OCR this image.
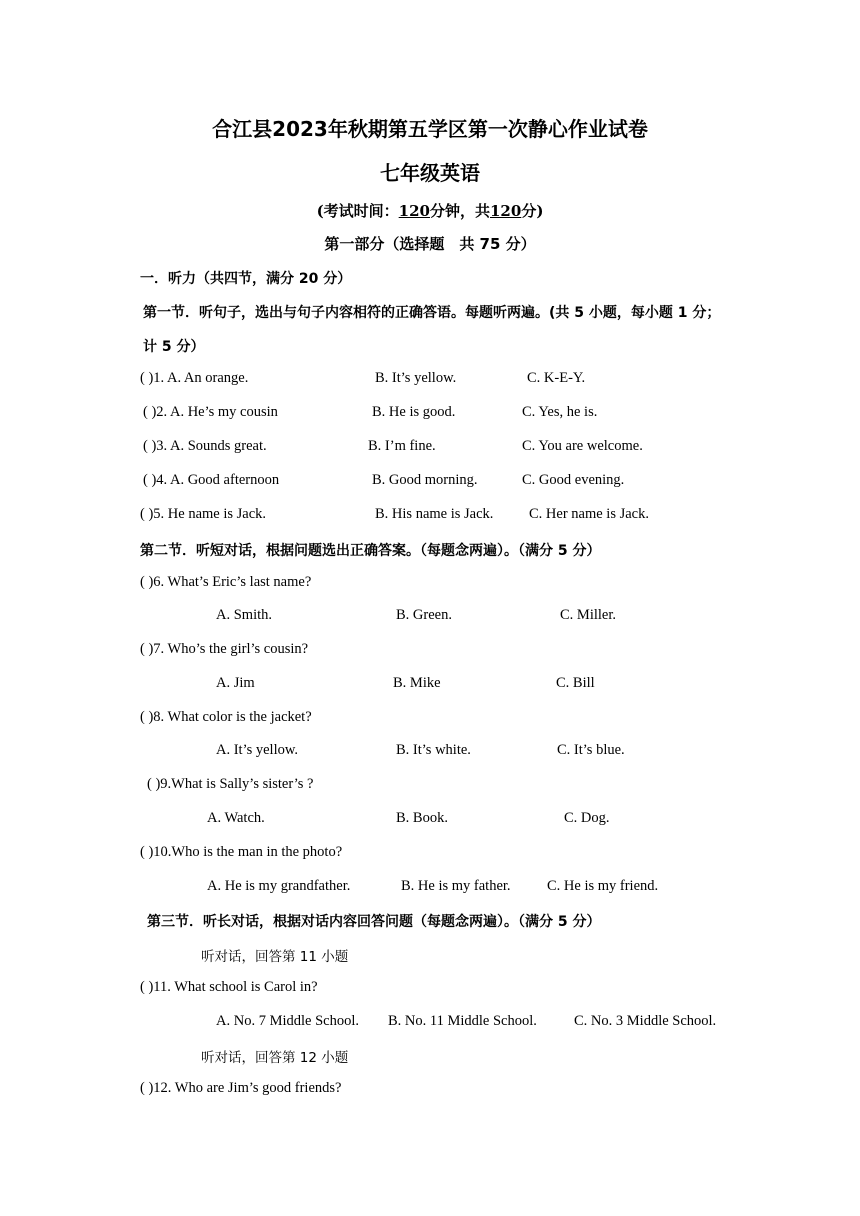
合江县2023年秋期第五学区第一次静心作业试卷
七年级英语
(考试时间：120分钟，共120分)
第一部分（选择题　共 75 分）
一．听力（共四节，满分 20 分）
第一节．听句子，选出与句子内容相符的正确答语。每题听两遍。(共 5 小题，每小题 1 分；
计 5 分）
( )1. A. An orange.	B. It’s yellow.	C. K-E-Y.
( )2. A. He’s my cousin	B. He is good.	C. Yes, he is.
( )3. A. Sounds great.	B. I’m fine.	C. You are welcome.
( )4. A. Good afternoon	B. Good morning.	C. Good evening.
( )5. He name is Jack.	B. His name is Jack. C. Her name is Jack.
第二节．听短对话，根据问题选出正确答案。（每题念两遍）。（满分 5 分）
( )6. What’s Eric’s last name?
A. Smith.	B. Green.	C. Miller.
( )7. Who’s the girl’s cousin?
A. Jim	B. Mike	C. Bill
( )8. What color is the jacket?
A. It’s yellow.	B. It’s white.	C. It’s blue.
( )9.What is Sally’s sister’s ?
A. Watch.	B. Book.	C. Dog.
( )10.Who is the man in the photo?
A. He is my grandfather.	B. He is my father.	C. He is my friend.
第三节．听长对话，根据对话内容回答问题（每题念两遍）。（满分 5 分）
听对话，回答第 11 小题
( )11. What school is Carol in?
A. No. 7 Middle School. B. No. 11 Middle School.	C. No. 3 Middle School.
听对话，回答第 12 小题
( )12. Who are Jim’s good friends?
